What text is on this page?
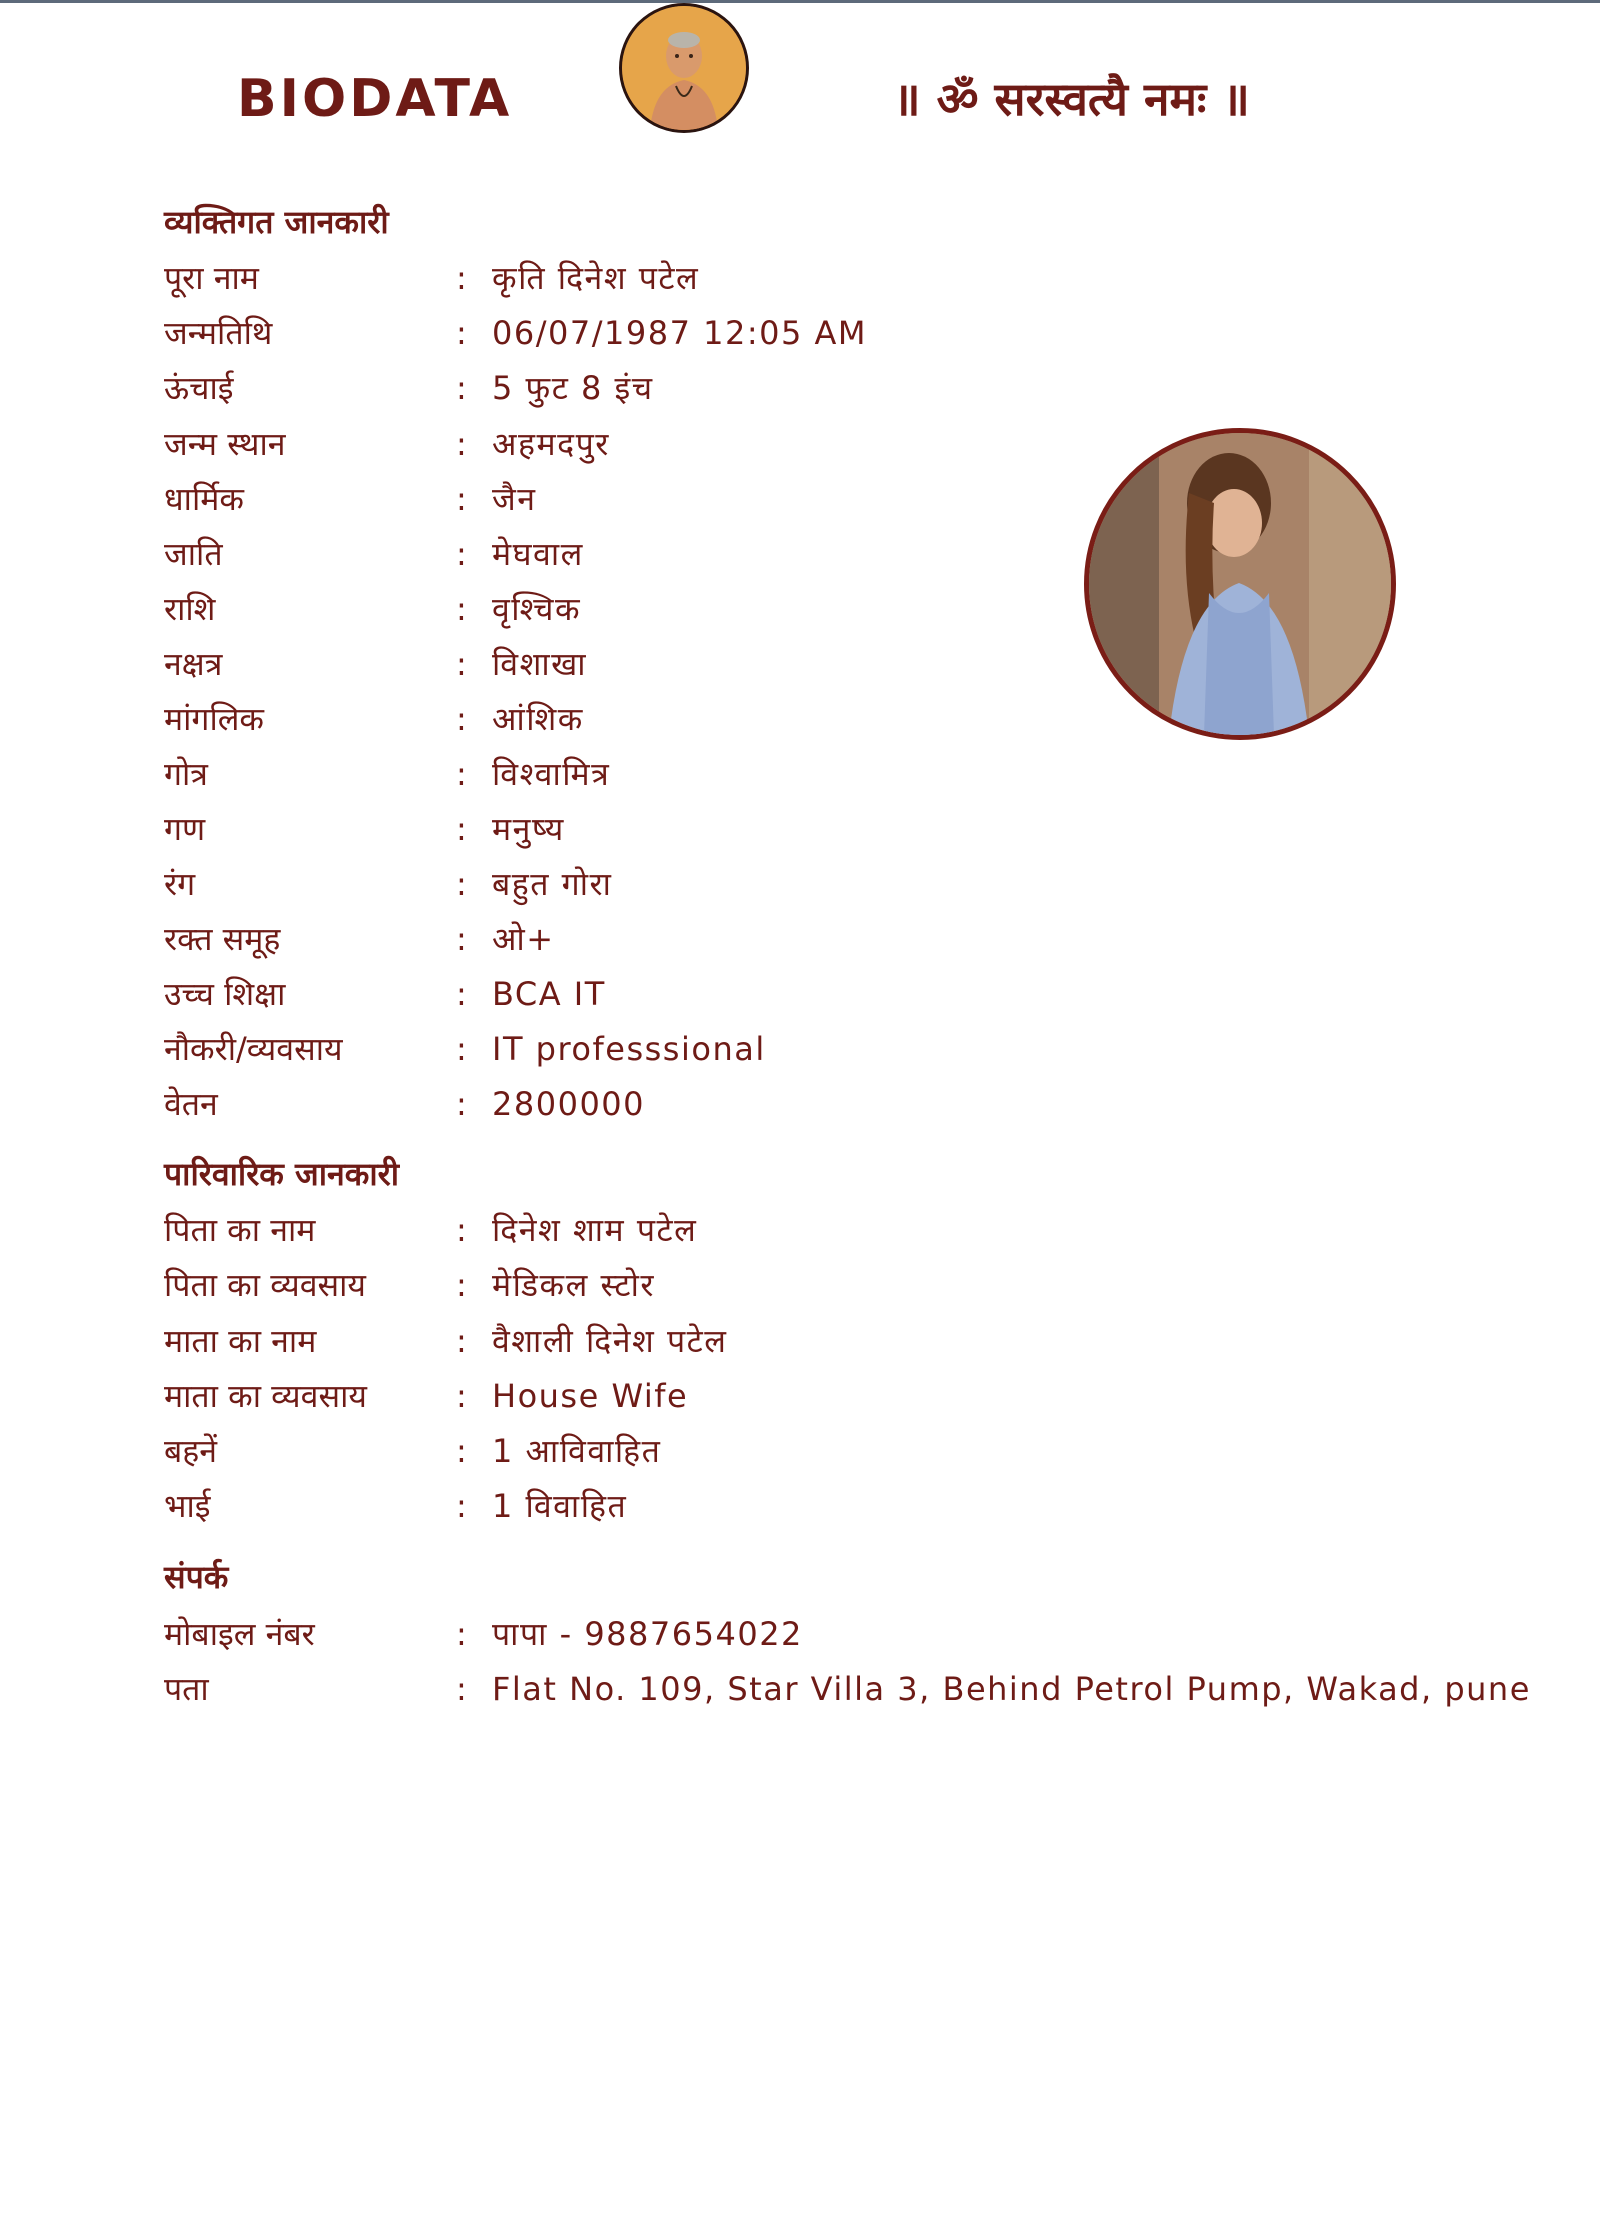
BIODATA	॥ ॐ सरस्वत्यै नमः ॥
व्यक्तिगत जानकारी
पूरा नाम	: कृति दिनेश पटेल
जन्मतिथि	: 06/07/1987 12:05 AM
ऊंचाई	: 5 फुट 8 इंच
जन्म स्थान	: अहमदपुर
धार्मिक	: जैन
जाति	: मेघवाल
राशि	: वृश्चिक
नक्षत्र	: विशाखा
मांगलिक	: आंशिक
गोत्र	: विश्वामित्र
गण	: मनुष्य
रंग	: बहुत गोरा
रक्त समूह	: ओ+
उच्च शिक्षा	: BCA IT
नौकरी/व्यवसाय	: IT professsional
वेतन	: 2800000
पारिवारिक जानकारी
पिता का नाम	: दिनेश शाम पटेल
पिता का व्यवसाय	: मेडिकल स्टोर
माता का नाम	: वैशाली दिनेश पटेल
माता का व्यवसाय	: House Wife
बहनें	: 1 आविवाहित
भाई	: 1 विवाहित
संपर्क
मोबाइल नंबर	: पापा - 9887654022
पता	: Flat No. 109, Star Villa 3, Behind Petrol Pump, Wakad, pune
